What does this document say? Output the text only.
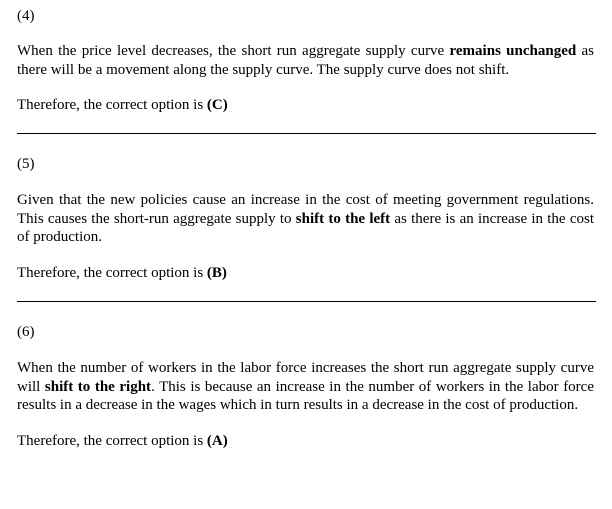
(4)

When the price level decreases, the short run aggregate supply curve remains unchanged as there will be a movement along the supply curve. The supply curve does not shift.

Therefore, the correct option is (C)

(5)

Given that the new policies cause an increase in the cost of meeting government regulations. This causes the short-run aggregate supply to shift to the left as there is an increase in the cost of production.

Therefore, the correct option is (B)

(6)

When the number of workers in the labor force increases the short run aggregate supply curve will shift to the right. This is because an increase in the number of workers in the labor force results in a decrease in the wages which in turn results in a decrease in the cost of production.

Therefore, the correct option is (A)
